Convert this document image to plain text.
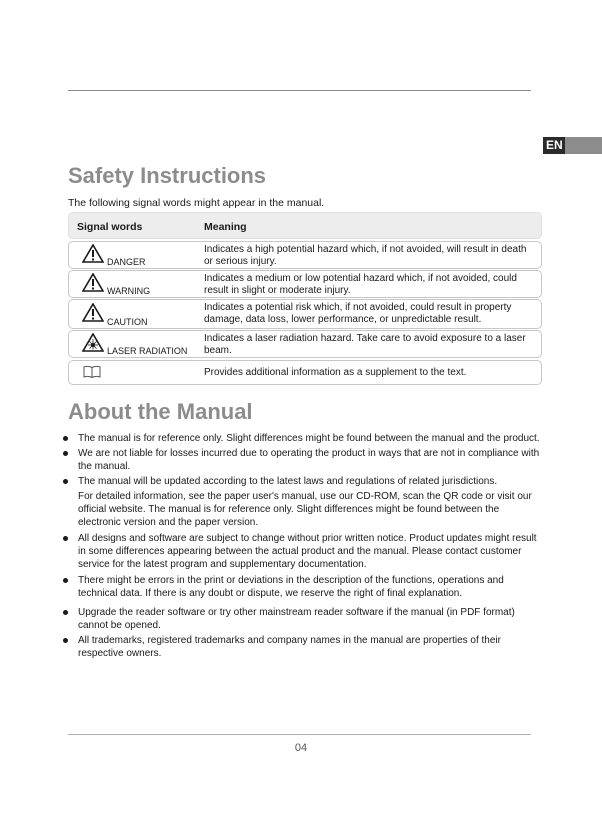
EN
Safety Instructions
The following signal words might appear in the manual.
Signal words	Meaning
DANGER
Indicates a high potential hazard which, if not avoided, will result in death or serious injury.
WARNING
Indicates a medium or low potential hazard which, if not avoided, could result in slight or moderate injury.
CAUTION
Indicates a potential risk which, if not avoided, could result in property damage, data loss, lower performance, or unpredictable result.
LASER RADIATION
Indicates a laser radiation hazard. Take care to avoid exposure to a laser beam.
Provides additional information as a supplement to the text.
About the Manual
The manual is for reference only. Slight differences might be found between the manual and the product.
We are not liable for losses incurred due to operating the product in ways that are not in compliance with the manual.
The manual will be updated according to the latest laws and regulations of related jurisdictions.
For detailed information, see the paper user's manual, use our CD-ROM, scan the QR code or visit our official website. The manual is for reference only. Slight differences might be found between the electronic version and the paper version.
All designs and software are subject to change without prior written notice. Product updates might result in some differences appearing between the actual product and the manual. Please contact customer service for the latest program and supplementary documentation.
There might be errors in the print or deviations in the description of the functions, operations and technical data. If there is any doubt or dispute, we reserve the right of final explanation.
Upgrade the reader software or try other mainstream reader software if the manual (in PDF format) cannot be opened.
All trademarks, registered trademarks and company names in the manual are properties of their respective owners.
04
